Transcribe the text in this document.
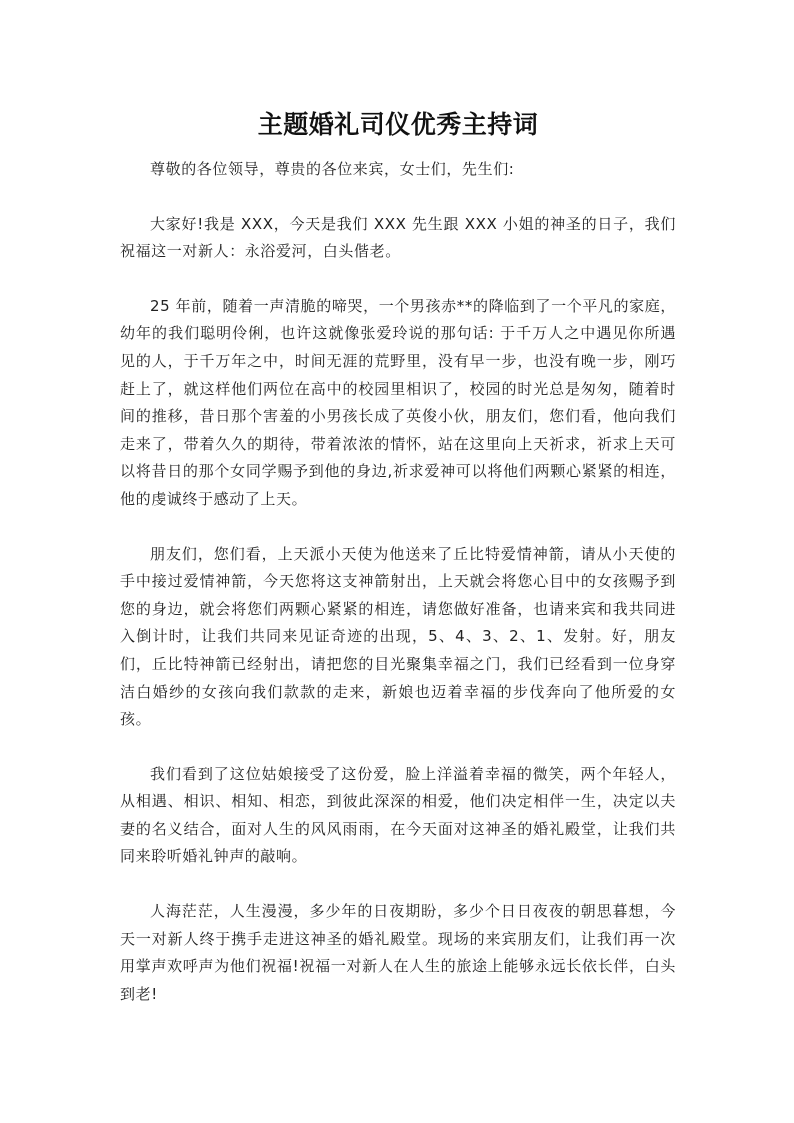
主题婚礼司仪优秀主持词

尊敬的各位领导，尊贵的各位来宾，女士们，先生们:

大家好!我是 XXX，今天是我们 XXX 先生跟 XXX 小姐的神圣的日子，我们祝福这一对新人：永浴爱河，白头偕老。

25 年前，随着一声清脆的啼哭，一个男孩赤**的降临到了一个平凡的家庭，幼年的我们聪明伶俐，也许这就像张爱玲说的那句话: 于千万人之中遇见你所遇见的人，于千万年之中，时间无涯的荒野里，没有早一步，也没有晚一步，刚巧赶上了，就这样他们两位在高中的校园里相识了，校园的时光总是匆匆，随着时间的推移，昔日那个害羞的小男孩长成了英俊小伙，朋友们，您们看，他向我们走来了，带着久久的期待，带着浓浓的情怀，站在这里向上天祈求，祈求上天可以将昔日的那个女同学赐予到他的身边,祈求爱神可以将他们两颗心紧紧的相连，他的虔诚终于感动了上天。

朋友们，您们看，上天派小天使为他送来了丘比特爱情神箭，请从小天使的手中接过爱情神箭，今天您将这支神箭射出，上天就会将您心目中的女孩赐予到您的身边，就会将您们两颗心紧紧的相连，请您做好准备，也请来宾和我共同进入倒计时，让我们共同来见证奇迹的出现，5、4、3、2、1、发射。好，朋友们，丘比特神箭已经射出，请把您的目光聚集幸福之门，我们已经看到一位身穿洁白婚纱的女孩向我们款款的走来，新娘也迈着幸福的步伐奔向了他所爱的女孩。

我们看到了这位姑娘接受了这份爱，脸上洋溢着幸福的微笑，两个年轻人，从相遇、相识、相知、相恋，到彼此深深的相爱，他们决定相伴一生，决定以夫妻的名义结合，面对人生的风风雨雨，在今天面对这神圣的婚礼殿堂，让我们共同来聆听婚礼钟声的敲响。

人海茫茫，人生漫漫，多少年的日夜期盼，多少个日日夜夜的朝思暮想，今天一对新人终于携手走进这神圣的婚礼殿堂。现场的来宾朋友们，让我们再一次用掌声欢呼声为他们祝福!祝福一对新人在人生的旅途上能够永远长依长伴，白头到老!
